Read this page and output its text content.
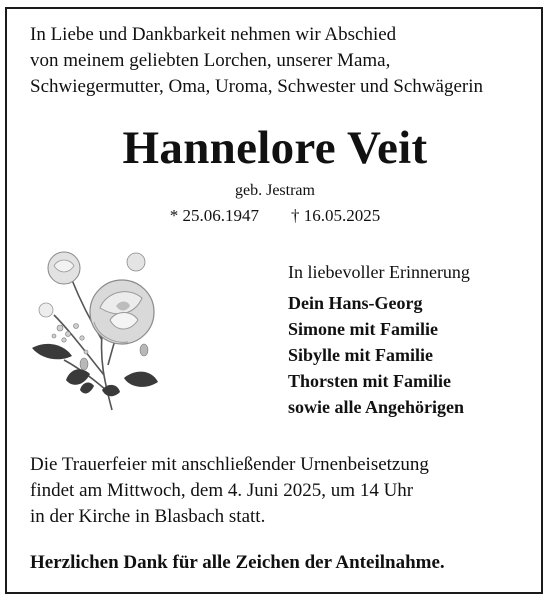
In Liebe und Dankbarkeit nehmen wir Abschied
von meinem geliebten Lorchen, unserer Mama,
Schwiegermutter, Oma, Uroma, Schwester und Schwägerin
Hannelore Veit
geb. Jestram
* 25.06.1947 † 16.05.2025
In liebevoller Erinnerung
Dein Hans-Georg
Simone mit Familie
Sibylle mit Familie
Thorsten mit Familie
sowie alle Angehörigen
Die Trauerfeier mit anschließender Urnenbeisetzung
findet am Mittwoch, dem 4. Juni 2025, um 14 Uhr
in der Kirche in Blasbach statt.
Herzlichen Dank für alle Zeichen der Anteilnahme.
